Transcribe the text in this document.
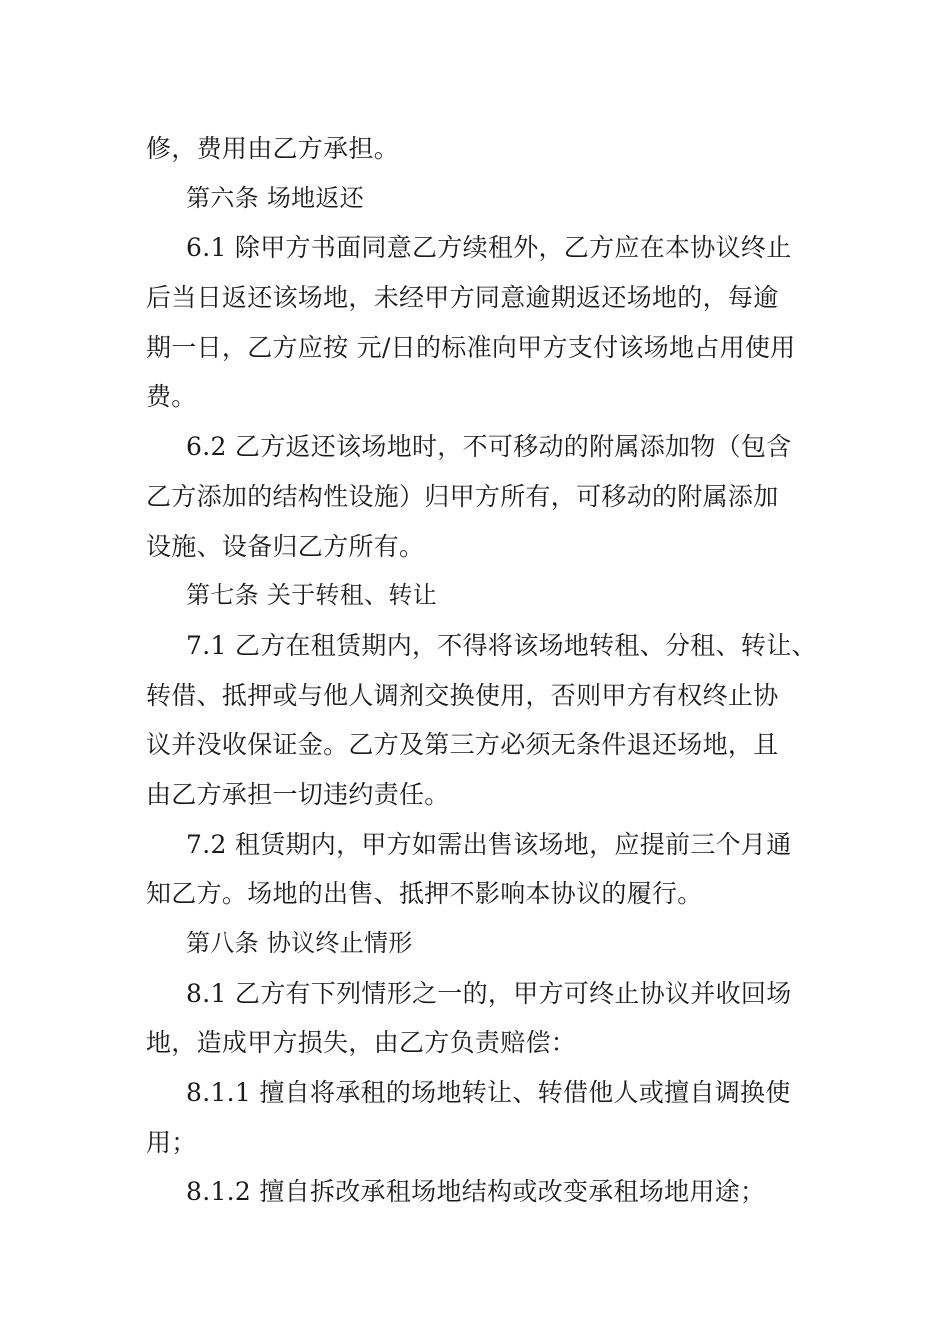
修，费用由乙方承担。
第六条 场地返还
6.1 除甲方书面同意乙方续租外，乙方应在本协议终止
后当日返还该场地，未经甲方同意逾期返还场地的，每逾
期一日，乙方应按 元/日的标准向甲方支付该场地占用使用
费。
6.2 乙方返还该场地时，不可移动的附属添加物（包含
乙方添加的结构性设施）归甲方所有，可移动的附属添加
设施、设备归乙方所有。
第七条 关于转租、转让
7.1 乙方在租赁期内，不得将该场地转租、分租、转让、
转借、抵押或与他人调剂交换使用，否则甲方有权终止协
议并没收保证金。乙方及第三方必须无条件退还场地，且
由乙方承担一切违约责任。
7.2 租赁期内，甲方如需出售该场地，应提前三个月通
知乙方。场地的出售、抵押不影响本协议的履行。
第八条 协议终止情形
8.1 乙方有下列情形之一的，甲方可终止协议并收回场
地，造成甲方损失，由乙方负责赔偿：
8.1.1 擅自将承租的场地转让、转借他人或擅自调换使
用；
8.1.2 擅自拆改承租场地结构或改变承租场地用途；
